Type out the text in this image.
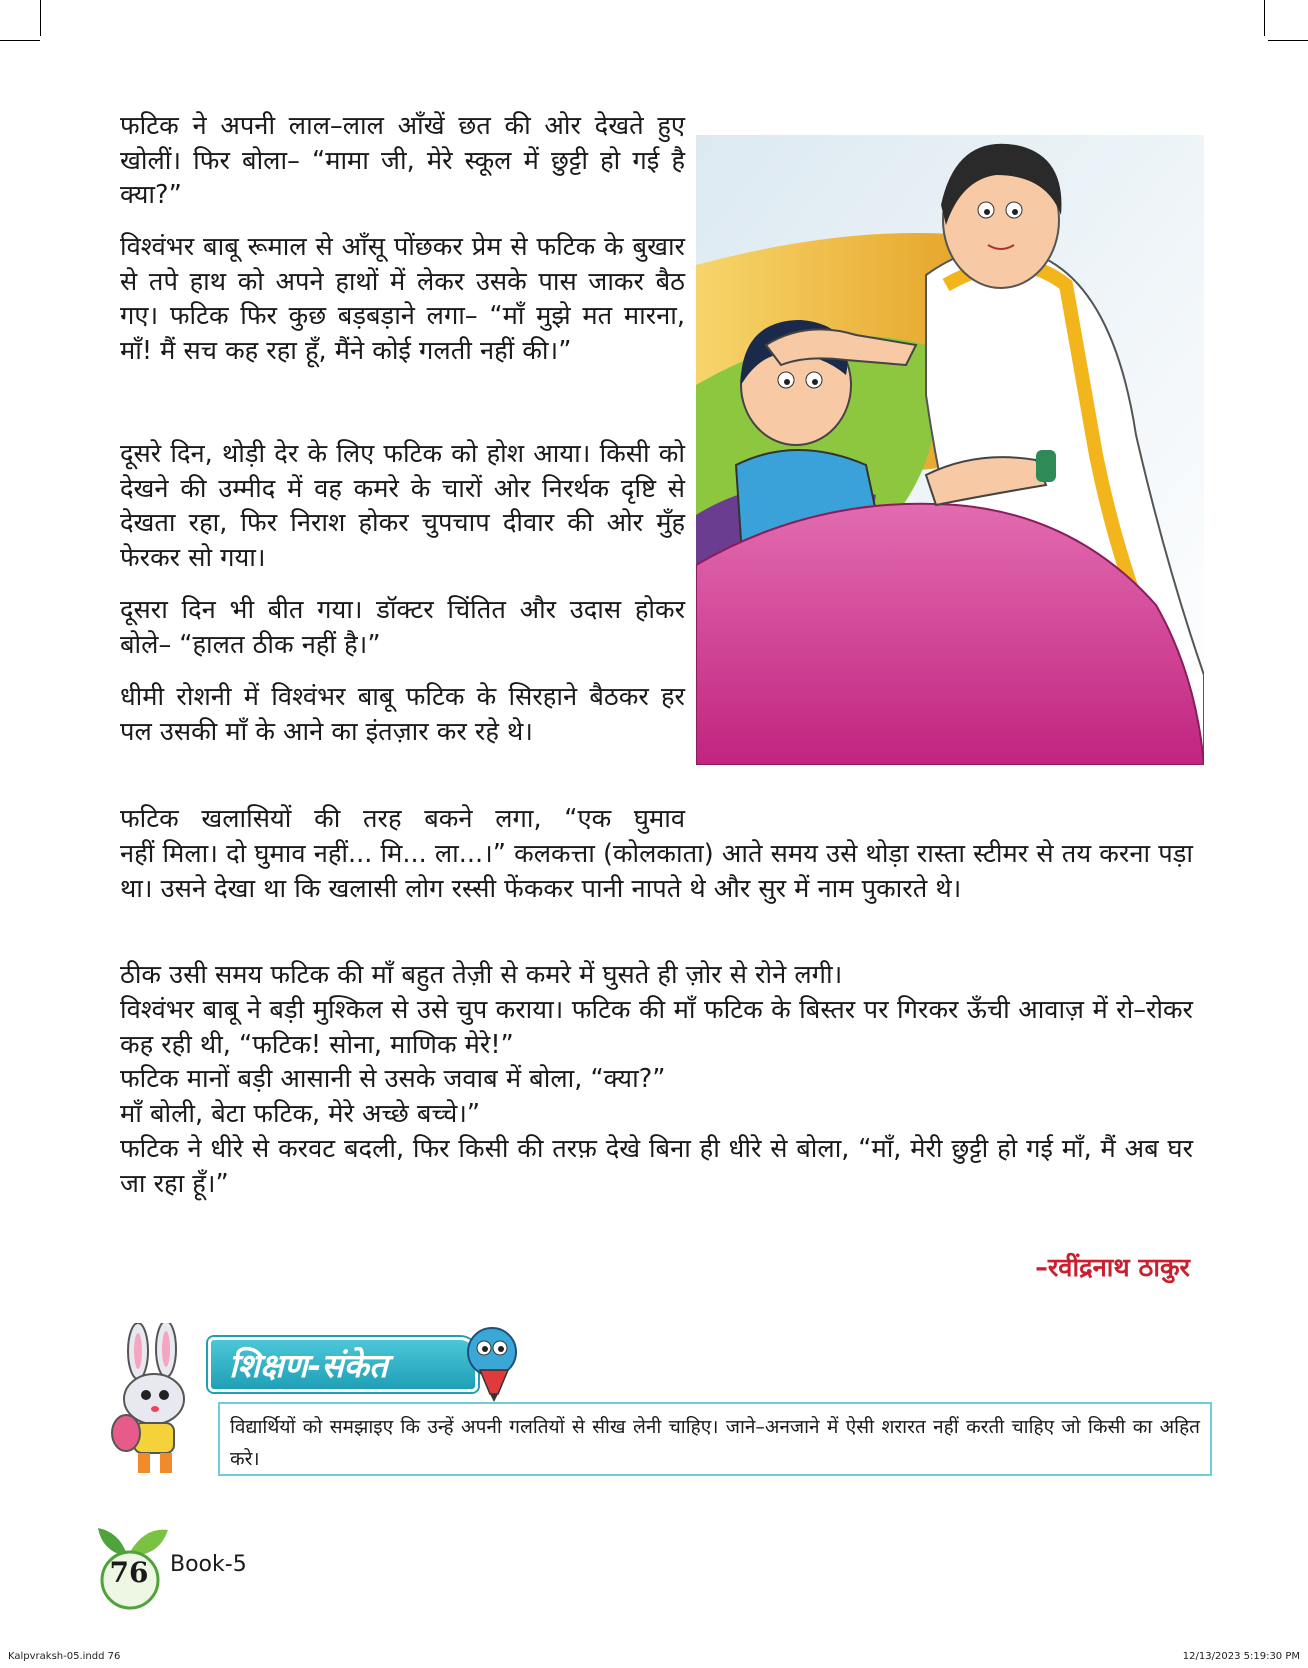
फटिक ने अपनी लाल–लाल आँखें छत की ओर देखते हुए खोलीं। फिर बोला– “मामा जी, मेरे स्कूल में छुट्टी हो गई है क्या?”

विश्वंभर बाबू रूमाल से आँसू पोंछकर प्रेम से फटिक के बुखार से तपे हाथ को अपने हाथों में लेकर उसके पास जाकर बैठ गए। फटिक फिर कुछ बड़बड़ाने लगा– “माँ मुझे मत मारना, माँ! मैं सच कह रहा हूँ, मैंने कोई गलती नहीं की।”

दूसरे दिन, थोड़ी देर के लिए फटिक को होश आया। किसी को देखने की उम्मीद में वह कमरे के चारों ओर निरर्थक दृष्टि से देखता रहा, फिर निराश होकर चुपचाप दीवार की ओर मुँह फेरकर सो गया।

दूसरा दिन भी बीत गया। डॉक्टर चिंतित और उदास होकर बोले– “हालत ठीक नहीं है।”

धीमी रोशनी में विश्वंभर बाबू फटिक के सिरहाने बैठकर हर पल उसकी माँ के आने का इंतज़ार कर रहे थे।

फटिक खलासियों की तरह बकने लगा, “एक घुमाव

नहीं मिला। दो घुमाव नहीं... मि... ला...।” कलकत्ता (कोलकाता) आते समय उसे थोड़ा रास्ता स्टीमर से तय करना पड़ा था। उसने देखा था कि खलासी लोग रस्सी फेंककर पानी नापते थे और सुर में नाम पुकारते थे।

ठीक उसी समय फटिक की माँ बहुत तेज़ी से कमरे में घुसते ही ज़ोर से रोने लगी।

विश्वंभर बाबू ने बड़ी मुश्किल से उसे चुप कराया। फटिक की माँ फटिक के बिस्तर पर गिरकर ऊँची आवाज़ में रो–रोकर कह रही थी, “फटिक! सोना, माणिक मेरे!”

फटिक मानों बड़ी आसानी से उसके जवाब में बोला, “क्या?”

माँ बोली, बेटा फटिक, मेरे अच्छे बच्चे।”

फटिक ने धीरे से करवट बदली, फिर किसी की तरफ़ देखे बिना ही धीरे से बोला, “माँ, मेरी छुट्टी हो गई माँ, मैं अब घर जा रहा हूँ।”

–रवींद्रनाथ ठाकुर
शिक्षण-संकेत

विद्यार्थियों को समझाइए कि उन्हें अपनी गलतियों से सीख लेनी चाहिए। जाने–अनजाने में ऐसी शरारत नहीं करती चाहिए जो किसी का अहित करे।

76 Book-5
Kalpvraksh-05.indd 76	12/13/2023 5:19:30 PM
